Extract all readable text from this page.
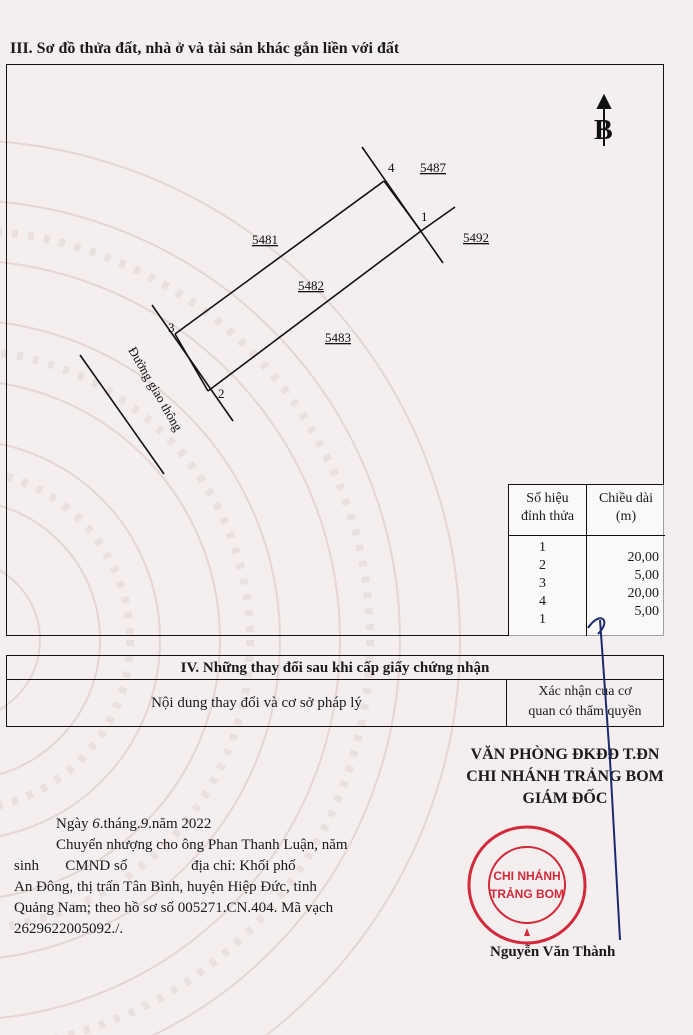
III. Sơ đồ thửa đất, nhà ở và tài sản khác gắn liền với đất
B
4
1
3
2
5487
5481	5492
5482
5483
Đường giao thông
Số hiệu
đỉnh thửa
Chiều dài
(m)
1
2
3
4
1
20,00
5,00
20,00
5,00
IV. Những thay đổi sau khi cấp giấy chứng nhận
Nội dung thay đổi và cơ sở pháp lý
Xác nhận của cơ
quan có thẩm quyền
VĂN PHÒNG ĐKĐĐ T.ĐN
CHI NHÁNH TRẢNG BOM
GIÁM ĐỐC

Ngày 6.tháng.9.năm 2022

Chuyển nhượng cho ông Phan Thanh Luận, năm

sinh       CMND số                 địa chỉ: Khối phố

An Đông, thị trấn Tân Bình, huyện Hiệp Đức, tỉnh

Quảng Nam; theo hồ sơ số 005271.CN.404. Mã vạch

2629622005092./.

CHI NHÁNH
TRẢNG BOM
Nguyễn Văn Thành
